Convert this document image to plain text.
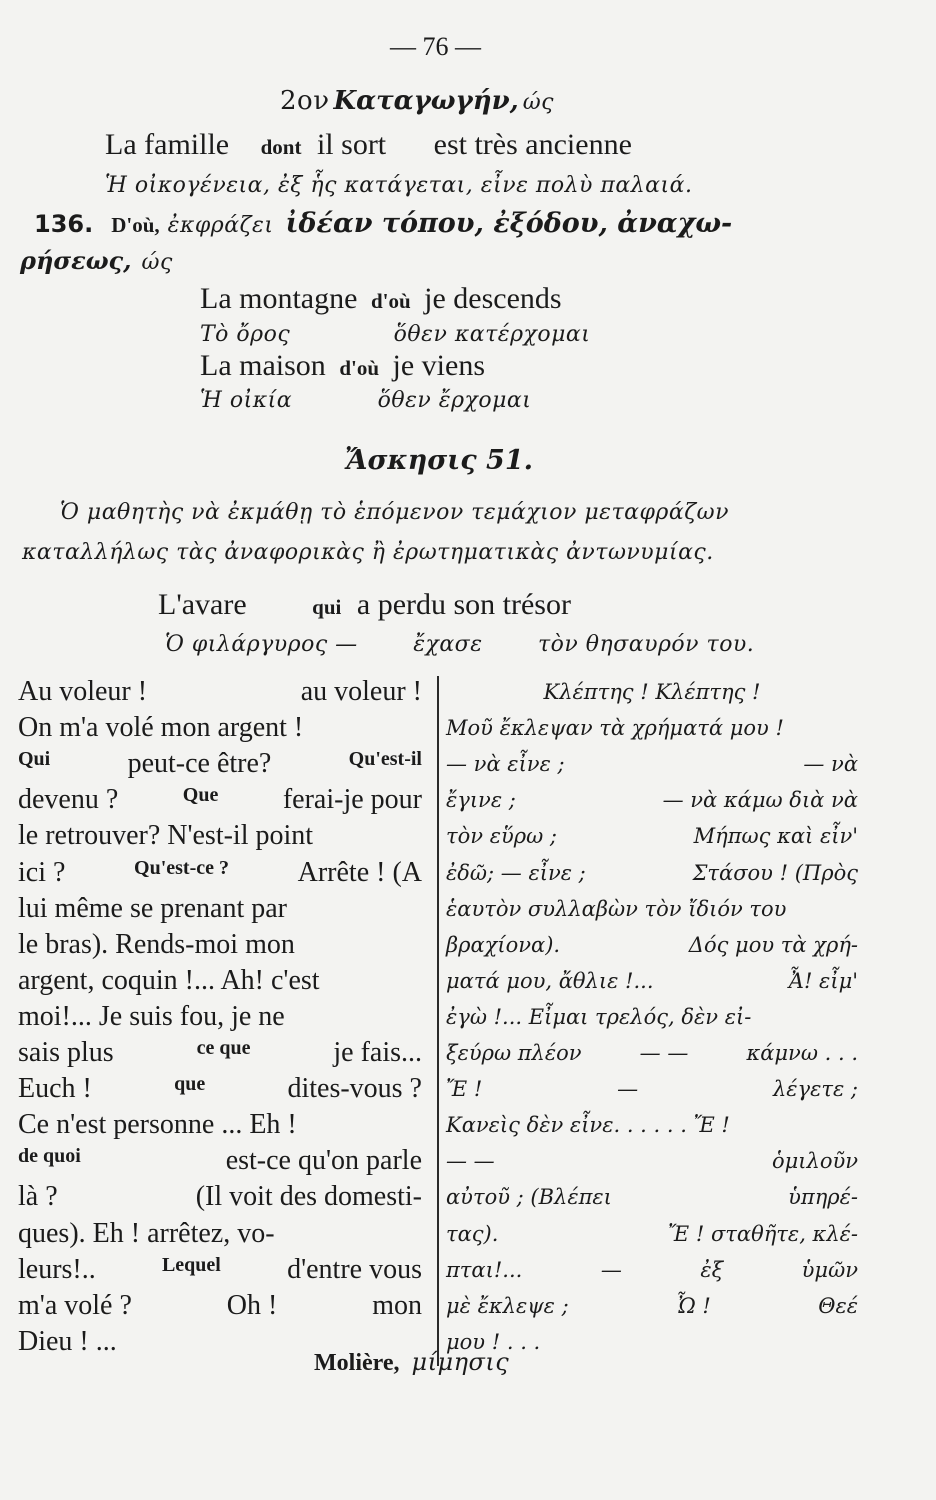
— 76 —
2ον Καταγωγήν, ώς
La famille dont il sort est très ancienne
Ἡ οἰκογένεια, ἐξ ἧς κατάγεται, εἶνε πολὺ παλαιά.
136. D'où, ἐκφράζει ἰδέαν τόπου, ἐξόδου, ἀναχω-
ρήσεως, ώς
La montagne d'où je descends
Τὸ ὄρος	ὅθεν κατέρχομαι
La maison d'où je viens
Ἡ οἰκία	ὅθεν ἔρχομαι
Ἄσκησις 51.
Ὁ μαθητὴς νὰ ἐκμάθῃ τὸ ἑπόμενον τεμάχιον μεταφράζων
καταλλήλως τὰς ἀναφορικὰς ἢ ἐρωτηματικὰς ἀντωνυμίας.
L'avare	qui a perdu son trésor
Ὁ φιλάργυρος —	ἔχασε	τὸν θησαυρόν του.
Au voleur !	au voleur !
On m'a volé mon argent !
Qui	peut-ce être?	Qu'est-il
devenu ?	Que ferai-je pour
le retrouver? N'est-il point
ici ?	Qu'est-ce ? Arrête ! (A
lui même se prenant par
le bras). Rends-moi mon
argent, coquin !... Ah! c'est
moi!... Je suis fou, je ne
sais plus	ce que	je fais...
Euch !	que	dites-vous ?
Ce n'est personne ... Eh !
de quoi	est-ce qu'on parle
là ?	(Il voit des domesti-
ques). Eh ! arrêtez, vo-
leurs!..	Lequel d'entre vous
m'a volé ?	Oh !	mon
Dieu ! ...
Κλέπτης ! Κλέπτης !
Μοῦ ἔκλεψαν τὰ χρήματά μου !
— νὰ εἶνε ;	— νὰ
ἔγινε ;	— νὰ κάμω διὰ νὰ
τὸν εὕρω ;	Μήπως καὶ εἶν'
ἐδῶ; — εἶνε ;	Στάσου ! (Πρὸς
ἑαυτὸν συλλαβὼν τὸν ἴδιόν του
βραχίονα).	Δός μου τὰ χρή-
ματά μου, ἄθλιε !...	Ἆ! εἶμ'
ἐγὼ !... Εἶμαι τρελός, δὲν εἰ-
ξεύρω πλέον	— —	κάμνω . . .
Ἔ !	—	λέγετε ;
Κανεὶς δὲν εἶνε. . . . . . Ἔ !
— —	ὁμιλοῦν
αὐτοῦ ; (Βλέπει	ὑπηρέ-
τας).	Ἔ ! σταθῆτε, κλέ-
πται!...	—	ἐξ	ὑμῶν
μὲ ἔκλεψε ;	Ὦ !	Θεέ
μου ! . . .
Molière, μίμησις
